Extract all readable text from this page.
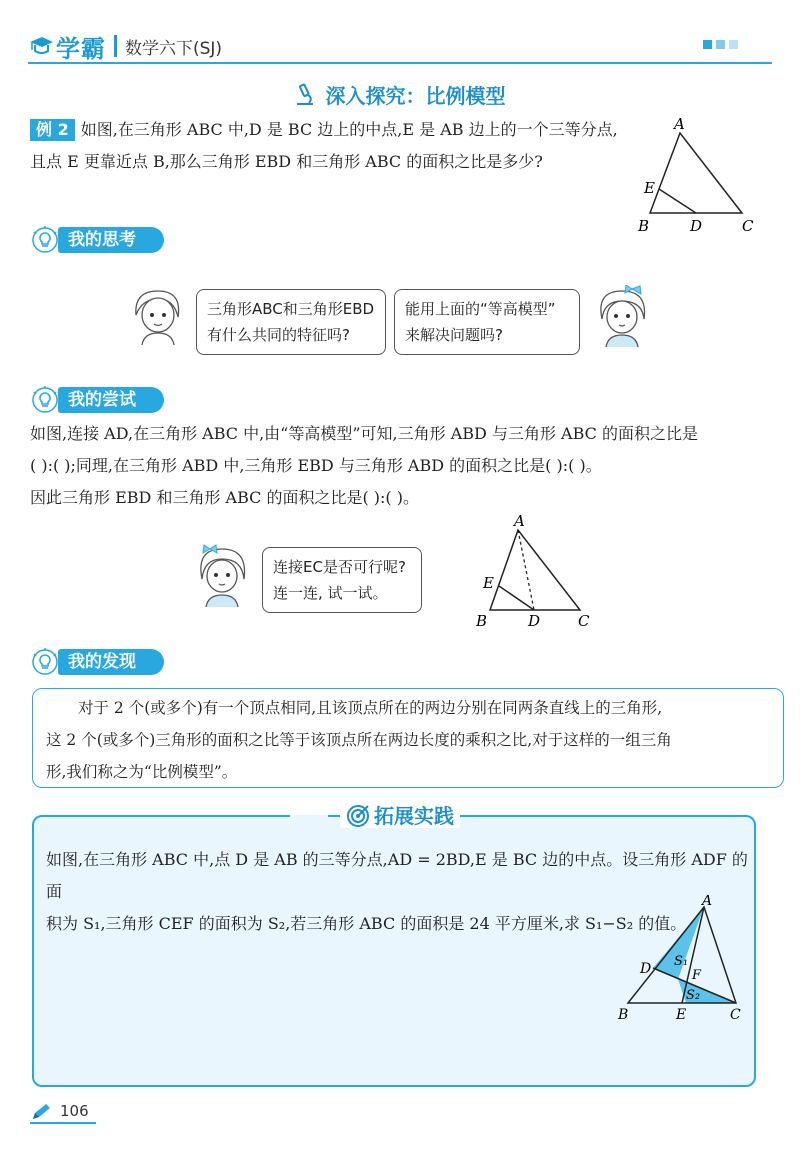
学霸 数学六下(SJ)
深入探究：比例模型
例 2 如图,在三角形 ABC 中,D 是 BC 边上的中点,E 是 AB 边上的一个三等分点,
且点 E 更靠近点 B,那么三角形 EBD 和三角形 ABC 的面积之比是多少?
A
E
B	D	C
我的思考
三角形ABC和三角形EBD
有什么共同的特征吗?
能用上面的“等高模型”
来解决问题吗?
我的尝试
如图,连接 AD,在三角形 ABC 中,由“等高模型”可知,三角形 ABD 与三角形 ABC 的面积之比是
( ):( );同理,在三角形 ABD 中,三角形 EBD 与三角形 ABD 的面积之比是( ):( )。
因此三角形 EBD 和三角形 ABC 的面积之比是( ):( )。
连接EC是否可行呢?
连一连, 试一试。
A
E
B	D	C
我的发现
对于 2 个(或多个)有一个顶点相同,且该顶点所在的两边分别在同两条直线上的三角形,
这 2 个(或多个)三角形的面积之比等于该顶点所在两边长度的乘积之比,对于这样的一组三角
形,我们称之为“比例模型”。
拓展实践
如图,在三角形 ABC 中,点 D 是 AB 的三等分点,AD = 2BD,E 是 BC 边的中点。设三角形 ADF 的面
积为 S₁,三角形 CEF 的面积为 S₂,若三角形 ABC 的面积是 24 平方厘米,求 S₁−S₂ 的值。
A
D S₁
F
S₂
B	E	C
106
